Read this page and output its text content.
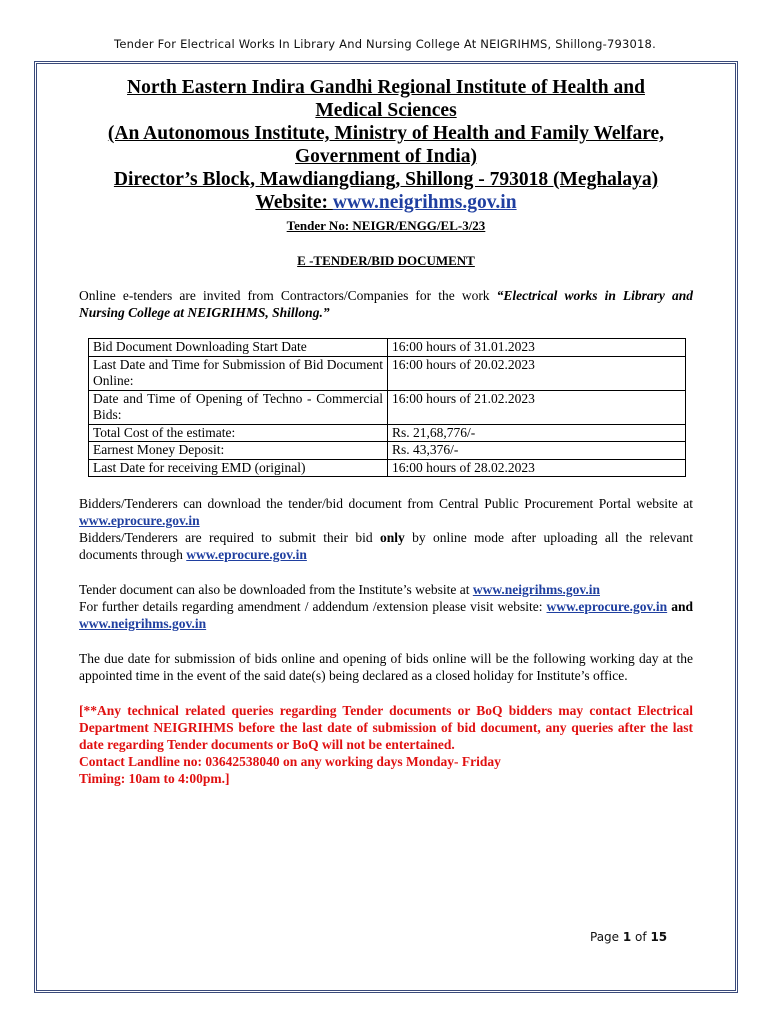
Tender For Electrical Works In Library And Nursing College At NEIGRIHMS, Shillong-793018.
North Eastern Indira Gandhi Regional Institute of Health and
Medical Sciences
(An Autonomous Institute, Ministry of Health and Family Welfare,
Government of India)
Director’s Block, Mawdiangdiang, Shillong - 793018 (Meghalaya)
Website: www.neigrihms.gov.in
Tender No: NEIGR/ENGG/EL-3/23
E -TENDER/BID DOCUMENT

Online e-tenders are invited from Contractors/Companies for the work “Electrical works in Library and Nursing College at NEIGRIHMS, Shillong.”

Bid Document Downloading Start Date	16:00 hours of 31.01.2023
Last Date and Time for Submission of Bid Document Online:	16:00 hours of 20.02.2023
Date and Time of Opening of Techno - Commercial Bids:	16:00 hours of 21.02.2023
Total Cost of the estimate:	Rs. 21,68,776/-
Earnest Money Deposit:	Rs. 43,376/-
Last Date for receiving EMD (original)	16:00 hours of 28.02.2023

Bidders/Tenderers can download the tender/bid document from Central Public Procurement Portal website at www.eprocure.gov.in

Bidders/Tenderers are required to submit their bid only by online mode after uploading all the relevant documents through www.eprocure.gov.in

Tender document can also be downloaded from the Institute’s website at www.neigrihms.gov.in

For further details regarding amendment / addendum /extension please visit website: www.eprocure.gov.in and www.neigrihms.gov.in

The due date for submission of bids online and opening of bids online will be the following working day at the appointed time in the event of the said date(s) being declared as a closed holiday for Institute’s office.

[**Any technical related queries regarding Tender documents or BoQ bidders may contact Electrical Department NEIGRIHMS before the last date of submission of bid document, any queries after the last date regarding Tender documents or BoQ will not be entertained.

Contact Landline no: 03642538040 on any working days Monday- Friday

Timing: 10am to 4:00pm.]

Page 1 of 15
